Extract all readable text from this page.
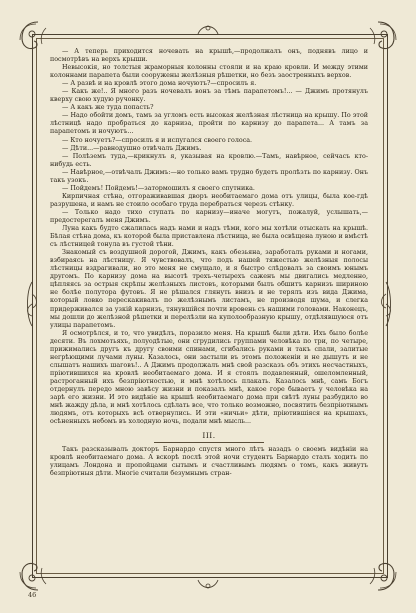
— А теперь приходится ночевать на крышѣ,—продолжалъ онъ, поднявъ лицо и посмотрѣвъ на верхъ крыши.

Невысокія, но толстыя жраморныя колонны стояли и на краю кровли. И между этими колоннами парапета были сооружены желѣзныя рѣшетки, но безъ заостренныхъ верхов.

— А развѣ и на кровлѣ этого дома ночуютъ?—спросилъ я.

— Какъ же!.. Я много разъ ночевалъ вонъ за тѣмъ парапетомъ!... — Джимъ протянулъ кверху свою худую ручонку.

— А какъ же туда попасть?

— Надо обойти домъ, тамъ за угломъ есть высокая желѣзная лѣстница на крышу. По этой лѣстницѣ надо пробраться до карниза, пройти по карнизу до парапета... А тамъ за парапетомъ и ночуютъ...

— Кто ночуетъ?—спросилъ я и испугался своего голоса.

— Дѣти...—равнодушно отвѣчалъ Джимъ.

— Полѣземъ туда,—крикнулъ я, указывая на кровлю.—Тамъ, навѣрное, сейчасъ кто-нибудь есть.

— Навѣрное,—отвѣчалъ Джимъ:—но только вамъ трудно будетъ пролѣзть по карнизу. Онъ такъ узокъ.

— Пойдемъ! Пойдемъ!—затормошилъ я своего спутника.

Кирпичная стѣна, отгораживавшая дворъ необитаемаго дома отъ улицы, была кое-гдѣ разрушена, и намъ не стоило особаго труда перебраться черезъ стѣнку.

— Только надо тихо ступать по карнизу—иначе могутъ, пожалуй, услышать,—предостерегалъ меня Джимъ.

Луна какъ будто сжалилась надъ нами и надъ тѣми, кого мы хотѣли отыскать на крышѣ. Бѣлая стѣна дома, къ которой была приставлена лѣстница, не была освѣщена луною и вмѣстѣ съ лѣстницей тонула въ густой тѣни.

Знакомый съ воздушной дорогой, Джимъ, какъ обезьяна, заработалъ руками и ногами, взбираясь на лѣстницу. Я чувствовалъ, что подъ нашей тяжестью желѣзныя полосы лѣстницы вздрагивали, но это меня не смущало, и я быстро слѣдовалъ за своимъ юнымъ другомъ. По карнизу дома на высотѣ трехъ-четырехъ саженъ мы двигались медленно, цѣпляясь за острыя скрѣпы желѣзныхъ листовъ, которыми былъ обшитъ карнизъ шириною не болѣе полутора футовъ. Я не рѣшался глянуть внизъ и не терялъ изъ вида Джима, который ловко перескакивалъ по желѣзнымъ листамъ, не производя шума, и слегка придерживался за узкій карнизъ, тянувшійся почти вровень съ нашими головами. Наконецъ, мы дошли до желѣзной рѣшетки и перелѣзли на куполообразную крышу, отдѣлявшуюся отъ улицы парапетомъ.

Я осмотрѣлся, и то, что увидѣлъ, поразило меня. На крышѣ были дѣти. Ихъ было болѣе десяти. Въ лохмотьяхъ, полуодѣтые, они сгрудились группами человѣка по три, по четыре, прижимались другъ къ другу своими спинами, сгибались руками и такъ спали, залитые негрѣющими лучами луны. Казалось, они застыли въ этомъ положеніи и не дышутъ и не слышатъ нашихъ шаговъ!.. А Джимъ продолжалъ мнѣ свой разсказъ объ этихъ несчастныхъ, пріютившихся на кровлѣ необитаемаго дома. И я стоялъ подавленный, ошеломленный, растроганный ихъ безпріютностью, и мнѣ хотѣлось плакать. Казалось мнѣ, самъ Богъ отдернулъ передо мною завѣсу жизни и показалъ мнѣ, какое горе бываетъ у человѣка на зарѣ его жизни. И это видѣніе на крышѣ необитаемаго дома при свѣтѣ луны разбудило во мнѣ жажду дѣла, и мнѣ хотѣлось сдѣлать все, что только возможно, посвятить безпріютнымъ людямъ, отъ которыхъ всѣ отвернулись. И эти «ничьи» дѣти, пріютившіяся на крышахъ, осѣненныхъ небомъ въ холодную ночь, подали мнѣ мысль...

III.

Такъ разсказывалъ докторъ Барнардо спустя много лѣтъ назадъ о своемъ видѣніи на кровлѣ необитаемаго дома. А вскорѣ послѣ этой ночи студентъ Барнардо сталъ ходить по улицамъ Лондона и пропойцами сытымъ и счастливымъ людямъ о томъ, какъ живутъ безпріютныя дѣти. Многіе считали безумнымъ стран-

46
